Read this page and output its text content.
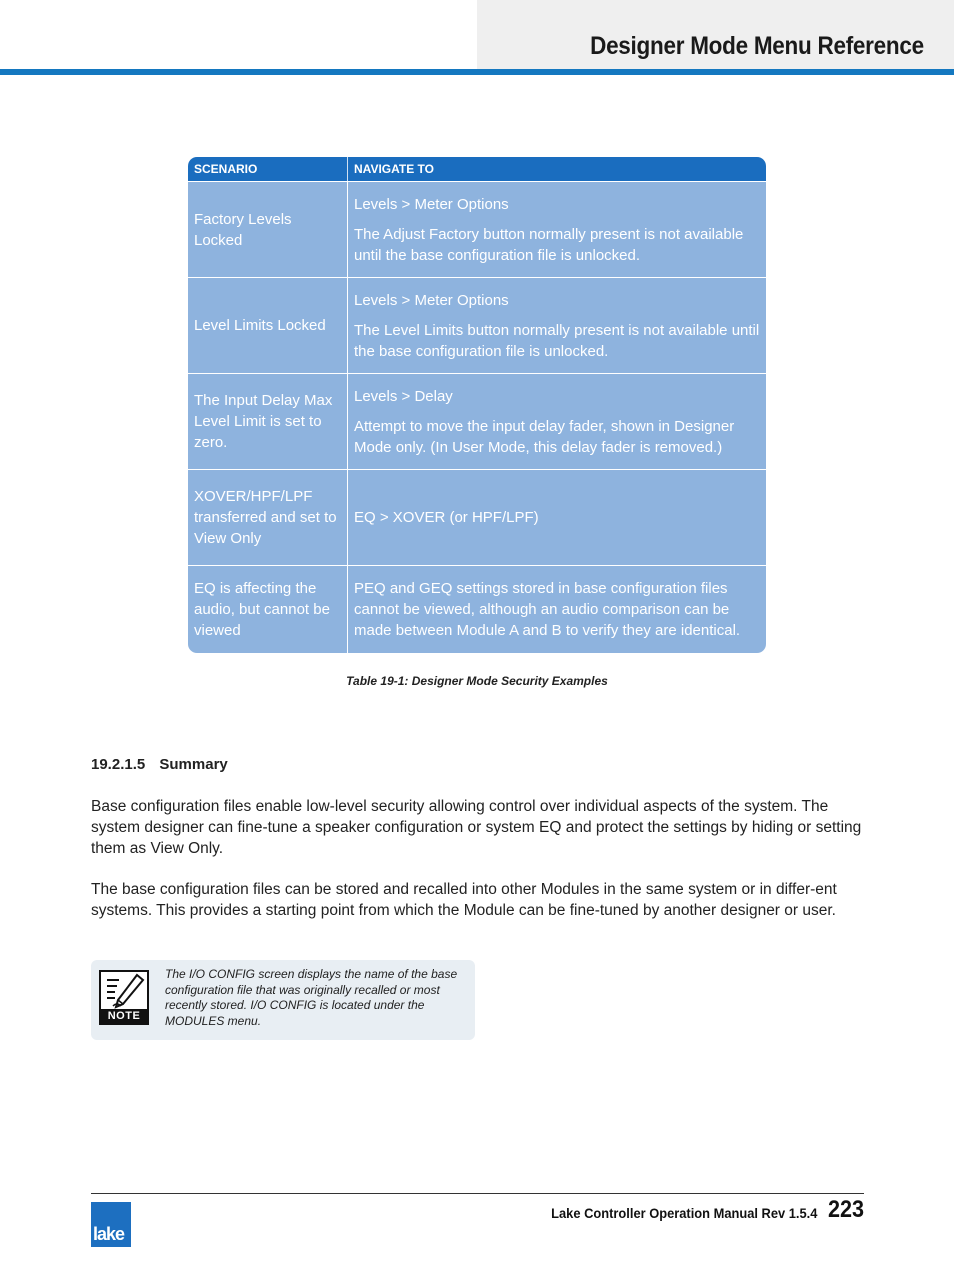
Designer Mode Menu Reference
SCENARIO	NAVIGATE TO
Factory Levels Locked	Levels > Meter Options

The Adjust Factory button normally present is not available until the base configuration file is unlocked.

Level Limits Locked	Levels > Meter Options

The Level Limits button normally present is not available until the base configuration file is unlocked.

The Input Delay Max Level Limit is set to zero.	Levels > Delay

Attempt to move the input delay fader, shown in Designer Mode only. (In User Mode, this delay fader is removed.)

XOVER/HPF/LPF transferred and set to View Only	EQ > XOVER (or HPF/LPF)

EQ is affecting the audio, but cannot be viewed	PEQ and GEQ settings stored in base configuration files cannot be viewed, although an audio comparison can be made between Module A and B to verify they are identical.

Table 19-1: Designer Mode Security Examples
19.2.1.5 Summary

Base configuration files enable low-level security allowing control over individual aspects of the system. The system designer can fine-tune a speaker configuration or system EQ and protect the settings by hiding or setting them as View Only.

The base configuration files can be stored and recalled into other Modules in the same system or in differ-ent systems. This provides a starting point from which the Module can be fine-tuned by another designer or user.

NOTE

The I/O CONFIG screen displays the name of the base configuration file that was originally recalled or most recently stored. I/O CONFIG is located under the MODULES menu.

lake
Lake Controller Operation Manual Rev 1.5.4 223
